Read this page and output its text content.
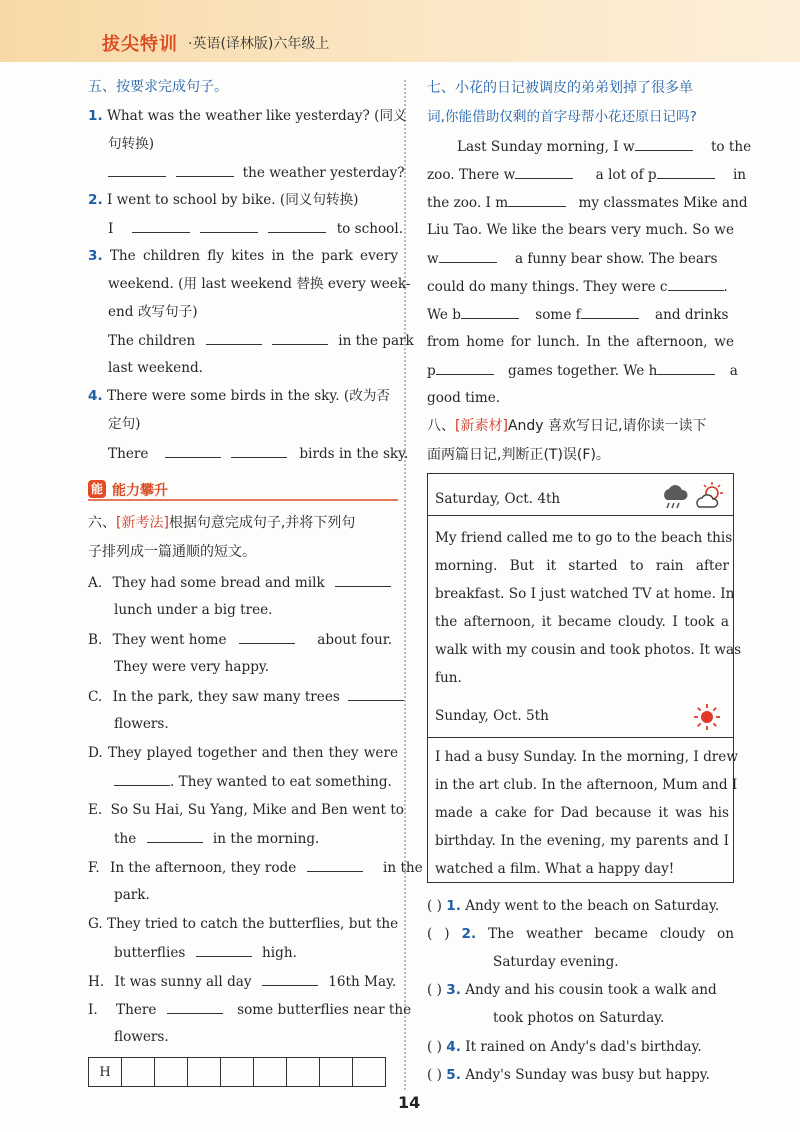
拔尖特训 ·英语(译林版)六年级上
五、按要求完成句子。
1. What was the weather like yesterday? (同义
句转换)
the weather yesterday?
2. I went to school by bike. (同义句转换)
I	to school.
3. The children fly kites in the park every
weekend. (用 last weekend 替换 every week-
end 改写句子)
The children	in the park
last weekend.
4. There were some birds in the sky. (改为否
定句)
There	birds in the sky.
能 能力攀升
六、[新考法]根据句意完成句子,并将下列句
子排列成一篇通顺的短文。
A. They had some bread and milk
lunch under a big tree.
B. They went home	about four.
They were very happy.
C. In the park, they saw many trees
flowers.
D. They played together and then they were
. They wanted to eat something.
E. So Su Hai, Su Yang, Mike and Ben went to
the	in the morning.
F. In the afternoon, they rode	in the
park.
G. They tried to catch the butterflies, but the
butterflies	high.
H. It was sunny all day	16th May.
I. There	some butterflies near the
flowers.
H								
七、小花的日记被调皮的弟弟划掉了很多单
词,你能借助仅剩的首字母帮小花还原日记吗?
Last Sunday morning, I w	to the
zoo. There w	a lot of p	in
the zoo. I m	my classmates Mike and
Liu Tao. We like the bears very much. So we
w	a funny bear show. The bears
could do many things. They were c	.
We b	some f	and drinks
from home for lunch. In the afternoon, we
p	games together. We h	a
good time.
八、[新素材]Andy 喜欢写日记,请你读一读下
面两篇日记,判断正(T)误(F)。
Saturday, Oct. 4th
My friend called me to go to the beach this
morning. But it started to rain after
breakfast. So I just watched TV at home. In
the afternoon, it became cloudy. I took a
walk with my cousin and took photos. It was
fun.
Sunday, Oct. 5th
I had a busy Sunday. In the morning, I drew
in the art club. In the afternoon, Mum and I
made a cake for Dad because it was his
birthday. In the evening, my parents and I
watched a film. What a happy day!
( ) 1. Andy went to the beach on Saturday.
( ) 2. The weather became cloudy on
Saturday evening.
( ) 3. Andy and his cousin took a walk and
took photos on Saturday.
( ) 4. It rained on Andy's dad's birthday.
( ) 5. Andy's Sunday was busy but happy.
14
